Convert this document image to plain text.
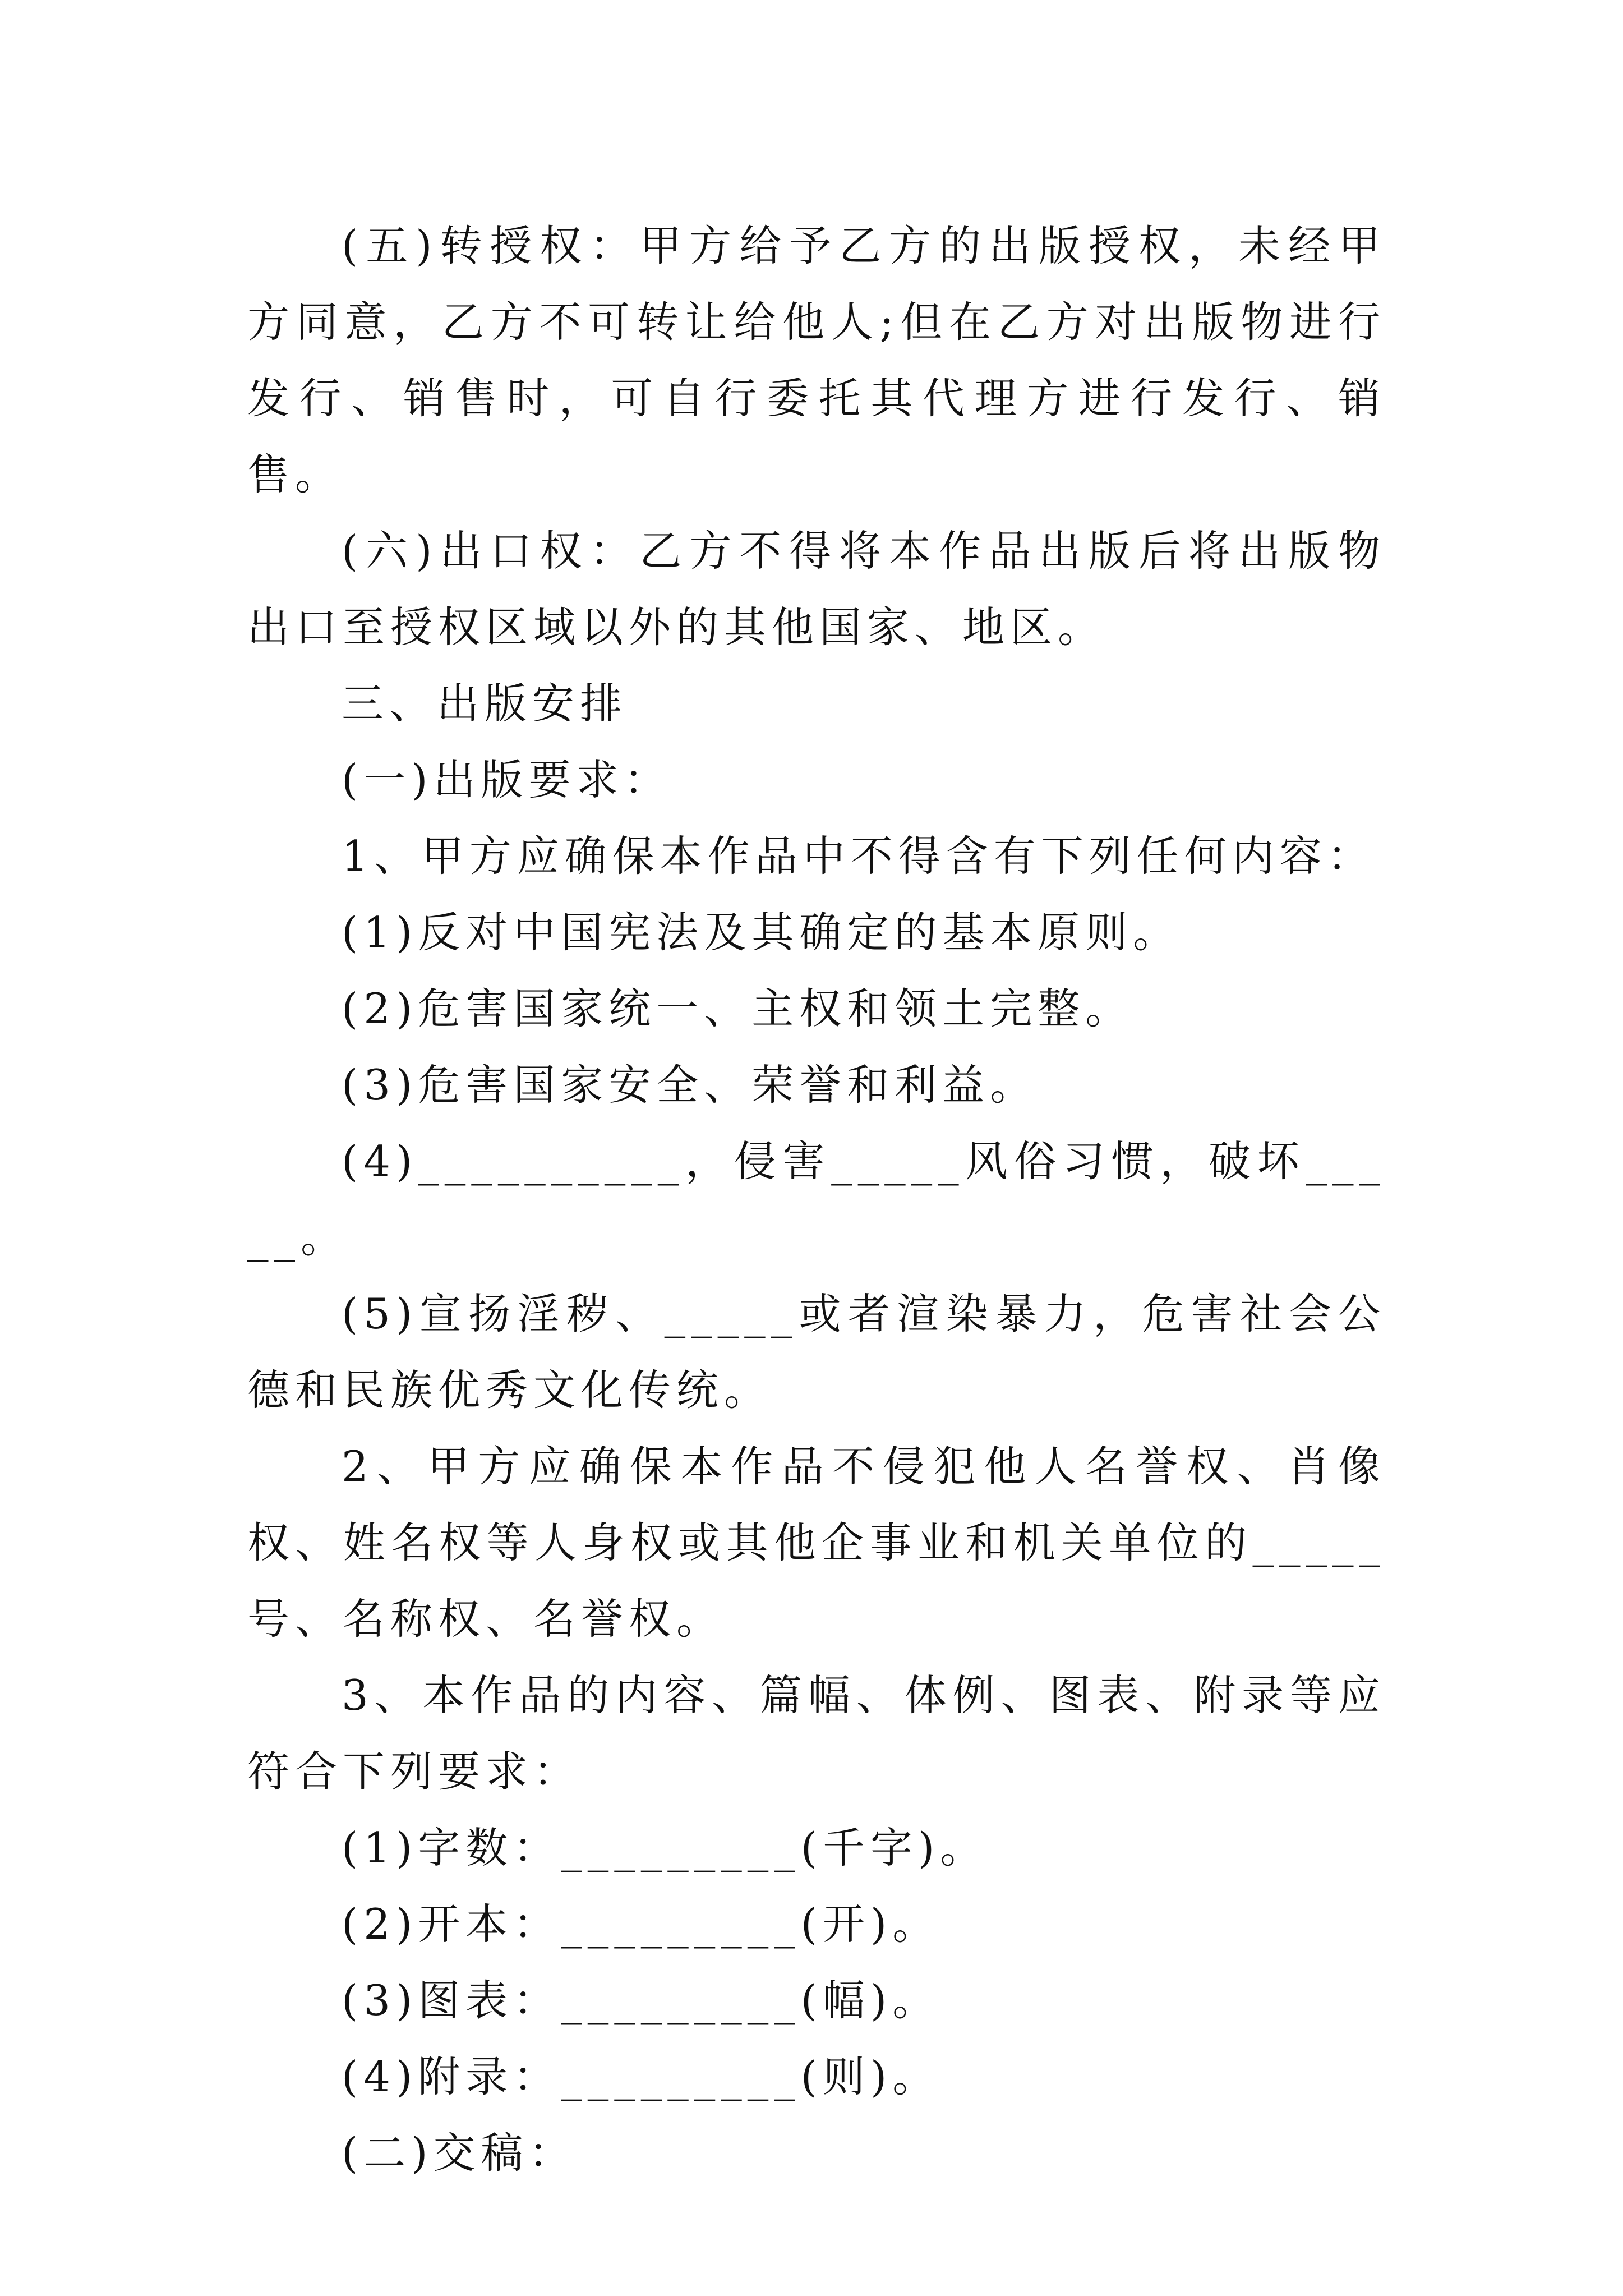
(五)转授权：甲方给予乙方的出版授权，未经甲方同意，乙方不可转让给他人;但在乙方对出版物进行发行、销售时，可自行委托其代理方进行发行、销售。

(六)出口权：乙方不得将本作品出版后将出版物出口至授权区域以外的其他国家、地区。

三、出版安排

(一)出版要求：

1、甲方应确保本作品中不得含有下列任何内容：

(1)反对中国宪法及其确定的基本原则。

(2)危害国家统一、主权和领土完整。

(3)危害国家安全、荣誉和利益。

(4)__________，侵害_____风俗习惯，破坏_____。

(5)宣扬淫秽、_____或者渲染暴力，危害社会公德和民族优秀文化传统。

2、甲方应确保本作品不侵犯他人名誉权、肖像权、姓名权等人身权或其他企事业和机关单位的_____号、名称权、名誉权。

3、本作品的内容、篇幅、体例、图表、附录等应符合下列要求：

(1)字数：_________(千字)。

(2)开本：_________(开)。

(3)图表：_________(幅)。

(4)附录：_________(则)。

(二)交稿：
